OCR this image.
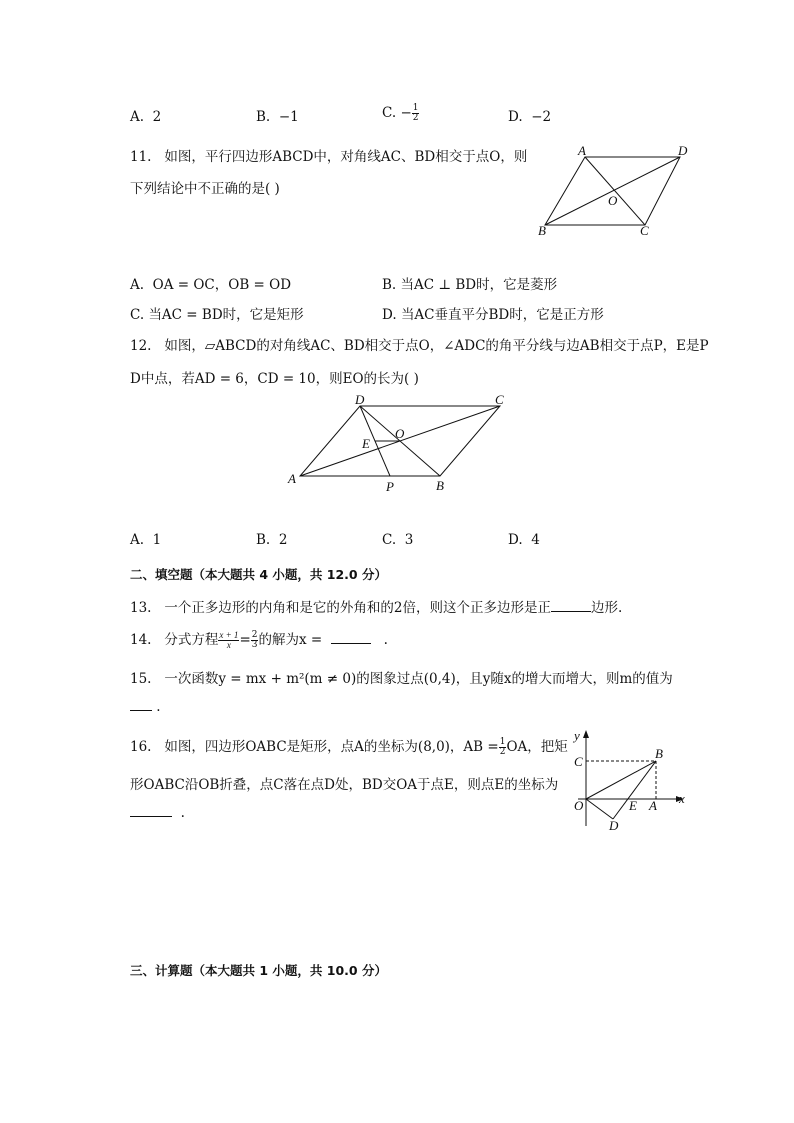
A. 2	B. −1	C. − $\frac{1}{2}$	D. −2
11. 如图，平行四边形ABCD中，对角线AC、BD相交于点O，则
下列结论中不正确的是( )
A	D
B	C
O
A. OA = OC，OB = OD	B. 当AC ⊥ BD时，它是菱形
C. 当AC = BD时，它是矩形	D. 当AC垂直平分BD时，它是正方形
12. 如图，▱ABCD的对角线AC、BD相交于点O，∠ADC的角平分线与边AB相交于点P，E是P
D中点，若AD = 6，CD = 10，则EO的长为( )
D	C
A	B
P
E
O
A. 1	B. 2	C. 3	D. 4
二、填空题（本大题共 4 小题，共 12.0 分）
13. 一个正多边形的内角和是它的外角和的2倍，则这个正多边形是正	边形.
14. 分式方程 $\frac{x + 1}{x} = \frac{2}{3}$ 的解为x =	.
15. 一次函数y = mx + m²(m ≠ 0)的图象过点(0,4)，且y随x的增大而增大，则m的值为
.
16. 如图，四边形OABC是矩形，点A的坐标为(8,0)，AB = $\frac{1}{2}$ OA，把矩
形OABC沿OB折叠，点C落在点D处，BD交OA于点E，则点E的坐标为
.
y
x
B
C
O	E A
D
三、计算题（本大题共 1 小题，共 10.0 分）
